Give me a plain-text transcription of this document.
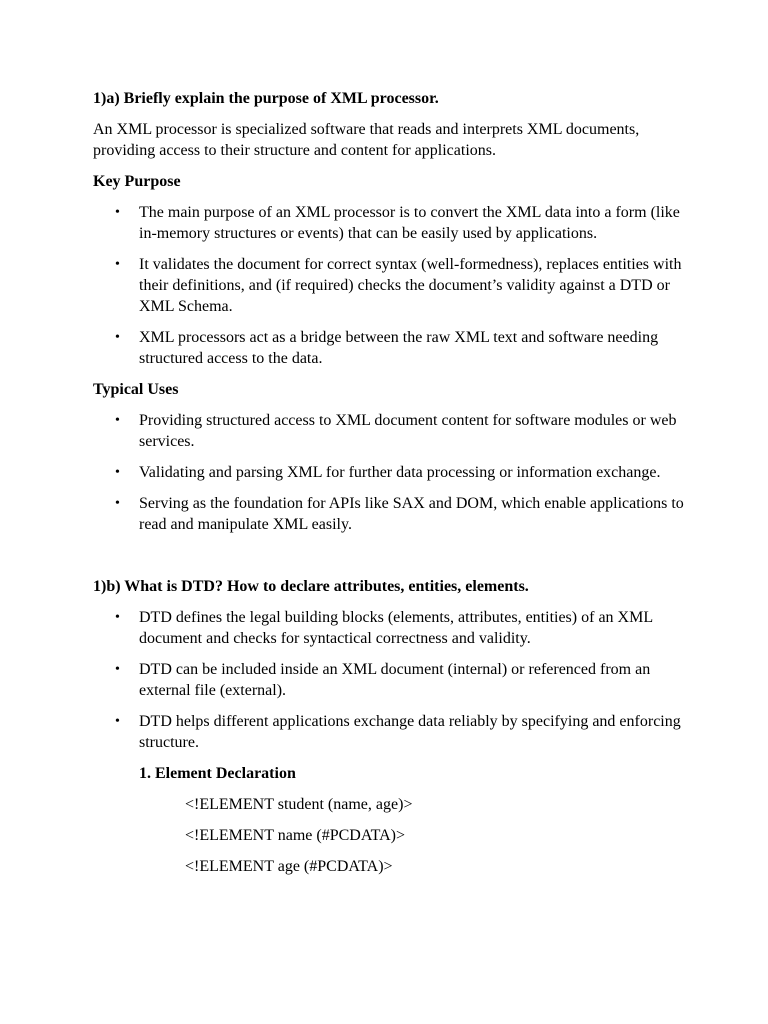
1)a) Briefly explain the purpose of XML processor.

An XML processor is specialized software that reads and interprets XML documents, providing access to their structure and content for applications.

Key Purpose
• The main purpose of an XML processor is to convert the XML data into a form (like in-memory structures or events) that can be easily used by applications.
• It validates the document for correct syntax (well-formedness), replaces entities with their definitions, and (if required) checks the document’s validity against a DTD or XML Schema.
• XML processors act as a bridge between the raw XML text and software needing structured access to the data.
Typical Uses
• Providing structured access to XML document content for software modules or web services.
• Validating and parsing XML for further data processing or information exchange.
• Serving as the foundation for APIs like SAX and DOM, which enable applications to read and manipulate XML easily.
1)b) What is DTD? How to declare attributes, entities, elements.
• DTD defines the legal building blocks (elements, attributes, entities) of an XML document and checks for syntactical correctness and validity.
• DTD can be included inside an XML document (internal) or referenced from an external file (external).
• DTD helps different applications exchange data reliably by specifying and enforcing structure.
1. Element Declaration
<!ELEMENT student (name, age)>
<!ELEMENT name (#PCDATA)>
<!ELEMENT age (#PCDATA)>
